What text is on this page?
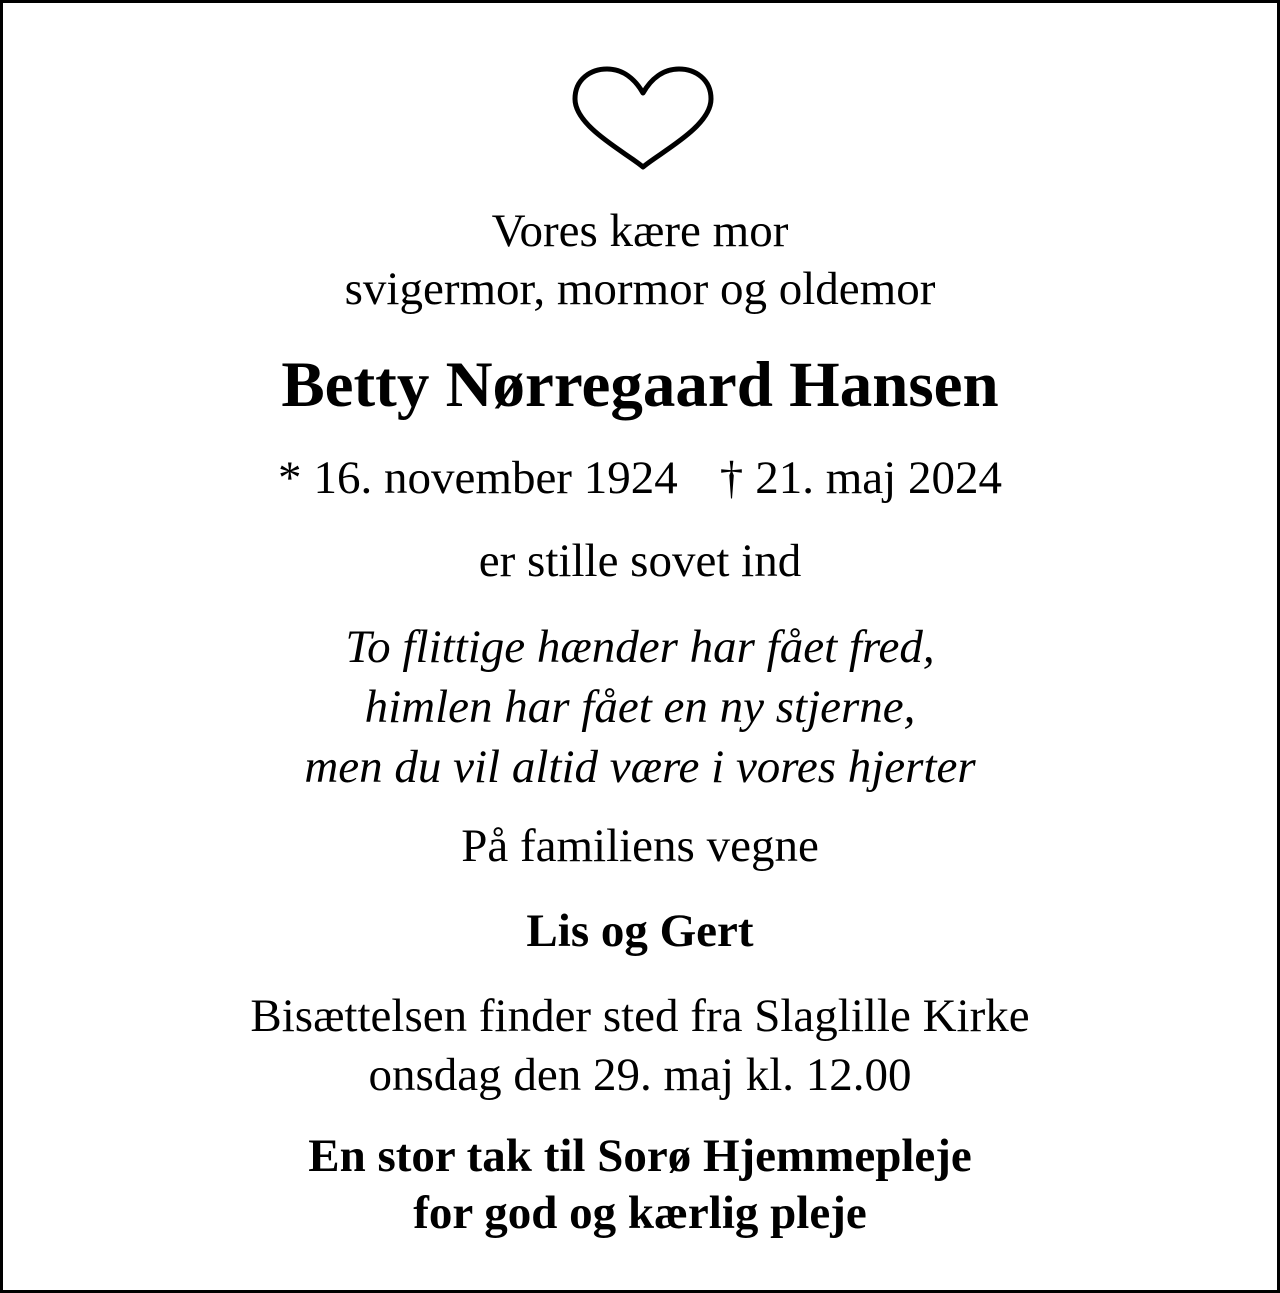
Vores kære mor
svigermor, mormor og oldemor
Betty Nørregaard Hansen
* 16. november 1924 † 21. maj 2024
er stille sovet ind
To flittige hænder har fået fred,
himlen har fået en ny stjerne,
men du vil altid være i vores hjerter
På familiens vegne
Lis og Gert
Bisættelsen finder sted fra Slaglille Kirke
onsdag den 29. maj kl. 12.00
En stor tak til Sorø Hjemmepleje
for god og kærlig pleje
